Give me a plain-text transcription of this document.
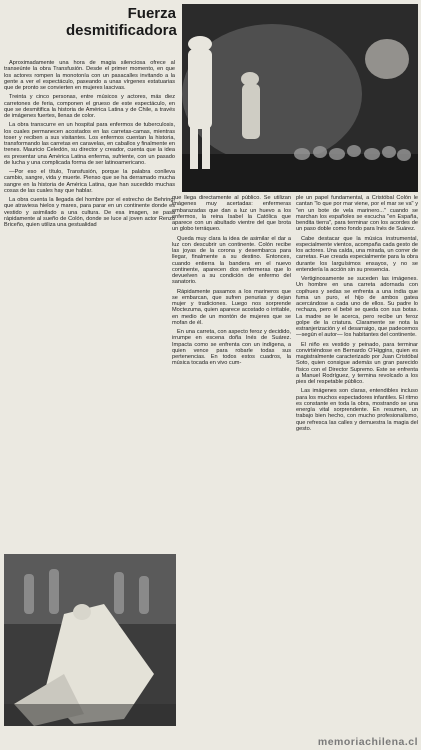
Fuerza
desmitificadora

Aproximadamente una hora de magia silenciosa ofrece al transeúnte la obra Transfusión. Desde el primer momento, en que los actores rompen la monotonía con un pasacalles invitando a la gente a ver el espectáculo, paseando a unas vírgenes estatuarias que de pronto se convierten en mujeres lascivas.

Treinta y cinco personas, entre músicos y actores, más diez carretones de feria, componen el grueso de este espectáculo, en que se desmitifica la historia de América Latina y de Chile, a través de imágenes fuertes, llenas de color.

La obra transcurre en un hospital para enfermos de tuberculosis, los cuales permanecen acostados en las carretas-camas, mientras toser y reciben a sus visitantes. Los enfermos cuentan la historia, transformando las carretas en caravelas, en caballos y finalmente en trenes. Mauricio Celedón, su director y creador, cuenta que la idea es presentar una América Latina enferma, sufriente, con un pasado de lucha y una complicada forma de ser latinoamericano.

—Por eso el título, Transfusión, porque la palabra conlleva cambio, sangre, vida y muerte. Pienso que se ha derramado mucha sangre en la historia de América Latina, que han sucedido muchas cosas de las cuales hay que hablar.

La obra cuenta la llegada del hombre por el estrecho de Behring, que atraviesa hielos y mares, para parar en un continente donde es vestido y asimilado a una cultura. De esa imagen, se pasa rápidamente al sueño de Colón, donde se luce al joven actor Renzo Briceño, quien utiliza una gestualidad

que llega directamente al público. Se utilizan imágenes muy acertadas: enfermeras embarazadas que dan a luz un huevo a los enfermos, la reina Isabel la Católica que aparece con un abultado vientre del que brota un globo terráqueo.

Queda muy clara la idea de asimilar el dar a luz con descubrir un continente. Colón recibe las joyas de la corona y desembarca para llegar, finalmente a su destino. Entonces, cuando entierra la bandera en el nuevo continente, aparecen dos enfermeras que lo devuelven a su condición de enfermo del sanatorio.

Rápidamente pasamos a los marineros que se embarcan, que sufren penurias y dejan mujer y tradiciones. Luego nos sorprende Moctezuma, quien aparece acostado o irritable, en medio de un montón de mujeres que se mofan de él.

En una carreta, con aspecto feroz y decidido, irrumpe en escena doña Inés de Suárez. Impacta como se enfrenta con un indígena, a quien vence para robarle todas sus pertenencias. En todos estos cuadros, la música tocada en vivo cum-

ple un papel fundamental, a Cristóbal Colón le cantan "lo que por mar viene, por el mar se va" y "en un bote de vela marinero..." cuando se marchan los españoles se escucha "en España, bendita tierra", para terminar con los acordes de un paso doble como fondo para Inés de Suárez.

Cabe destacar que la música instrumental, especialmente vientos, acompaña cada gesto de los actores. Una caída, una mirada, un correr de carretas. Fue creada especialmente para la obra durante los larguísimos ensayos, y no se entendería la acción sin su presencia.

Vertiginosamente se suceden las imágenes. Un hombre en una carreta adornada con copihues y sedas se enfrenta a una india que fuma un puro, el hijo de ambos gatea acercándose a cada uno de ellos. Su padre lo rechaza, pero el bebé se queda con sus botas. La madre se le acerca, pero recibe un feroz golpe de la criatura. Claramente se nota la estranjerización y el desarraigo, que padecemos —según el autor— los habitantes del continente.

El niño es vestido y peinado, para terminar convirtiéndose en Bernardo O'Higgins, quien es magistralmente caracterizado por Juan Cristóbal Soto, quien consigue además un gran parecido físico con el Director Supremo. Este se enfrenta a Manuel Rodríguez, y termina revolcado a los pies del respetable público.

Las imágenes son claras, entendibles incluso para los muchos espectadores infantiles. El ritmo es constante en toda la obra, mostrando se una energía vital sorprendente. En resumen, un trabajo bien hecho, con mucho profesionalismo, que refresca las calles y demuestra la magia del gesto.

memoriachilena.cl
